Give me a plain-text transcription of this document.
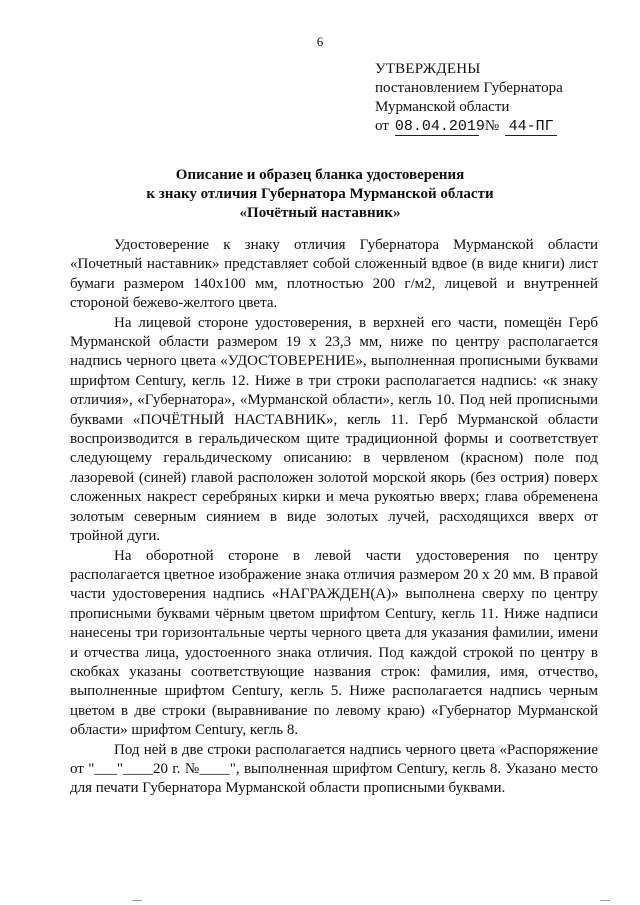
6
УТВЕРЖДЕНЫ
постановлением Губернатора
Мурманской области
от 08.04.2019№ 44-ПГ
Описание и образец бланка удостоверения
к знаку отличия Губернатора Мурманской области
«Почётный наставник»

Удостоверение к знаку отличия Губернатора Мурманской области «Почетный наставник» представляет собой сложенный вдвое (в виде книги) лист бумаги размером 140x100 мм, плотностью 200 г/м2, лицевой и внутренней стороной бежево-желтого цвета.

На лицевой стороне удостоверения, в верхней его части, помещён Герб Мурманской области размером 19 х 23,3 мм, ниже по центру располагается надпись черного цвета «УДОСТОВЕРЕНИЕ», выполненная прописными буквами шрифтом Century, кегль 12. Ниже в три строки располагается надпись: «к знаку отличия», «Губернатора», «Мурманской области», кегль 10. Под ней прописными буквами «ПОЧЁТНЫЙ НАСТАВНИК», кегль 11. Герб Мурманской области воспроизводится в геральдическом щите традиционной формы и соответствует следующему геральдическому описанию: в червленом (красном) поле под лазоревой (синей) главой расположен золотой морской якорь (без острия) поверх сложенных накрест серебряных кирки и меча рукоятью вверх; глава обременена золотым северным сиянием в виде золотых лучей, расходящихся вверх от тройной дуги.

На оборотной стороне в левой части удостоверения по центру располагается цветное изображение знака отличия размером 20 х 20 мм. В правой части удостоверения надпись «НАГРАЖДЕН(А)» выполнена сверху по центру прописными буквами чёрным цветом шрифтом Century, кегль 11. Ниже надписи нанесены три горизонтальные черты черного цвета для указания фамилии, имени и отчества лица, удостоенного знака отличия. Под каждой строкой по центру в скобках указаны соответствующие названия строк: фамилия, имя, отчество, выполненные шрифтом Century, кегль 5. Ниже располагается надпись черным цветом в две строки (выравнивание по левому краю) «Губернатор Мурманской области» шрифтом Century, кегль 8.

Под ней в две строки располагается надпись черного цвета «Распоряжение от "___"____20 г. №____", выполненная шрифтом Century, кегль 8. Указано место для печати Губернатора Мурманской области прописными буквами.
